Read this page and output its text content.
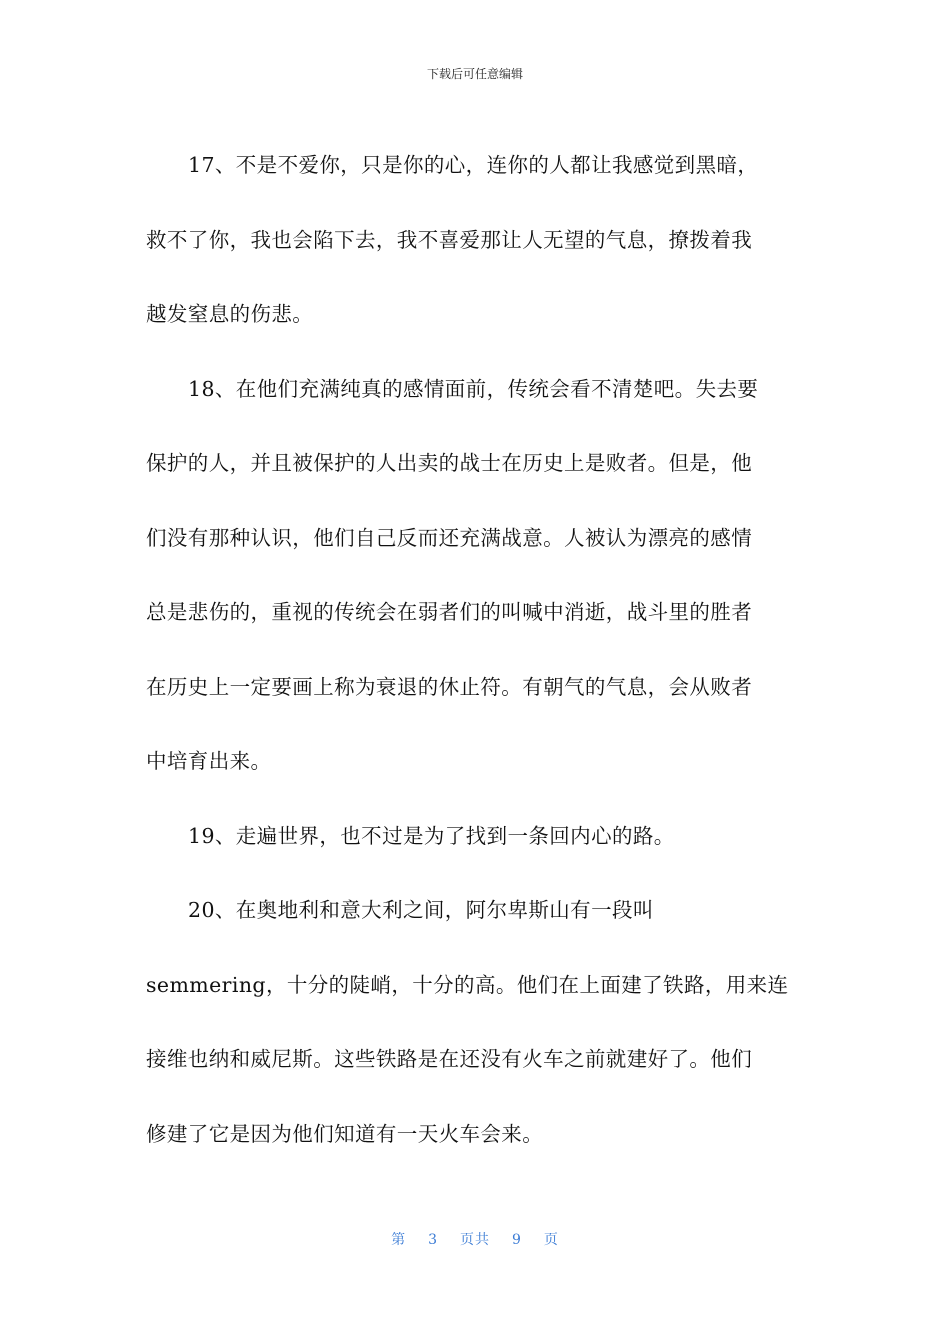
下载后可任意编辑
17、不是不爱你，只是你的心，连你的人都让我感觉到黑暗，
救不了你，我也会陷下去，我不喜爱那让人无望的气息，撩拨着我
越发窒息的伤悲。
18、在他们充满纯真的感情面前，传统会看不清楚吧。失去要
保护的人，并且被保护的人出卖的战士在历史上是败者。但是，他
们没有那种认识，他们自己反而还充满战意。人被认为漂亮的感情
总是悲伤的，重视的传统会在弱者们的叫喊中消逝，战斗里的胜者
在历史上一定要画上称为衰退的休止符。有朝气的气息，会从败者
中培育出来。
19、走遍世界，也不过是为了找到一条回内心的路。
20、在奥地利和意大利之间，阿尔卑斯山有一段叫
semmering，十分的陡峭，十分的高。他们在上面建了铁路，用来连
接维也纳和威尼斯。这些铁路是在还没有火车之前就建好了。他们
修建了它是因为他们知道有一天火车会来。
第 3 页共 9 页
